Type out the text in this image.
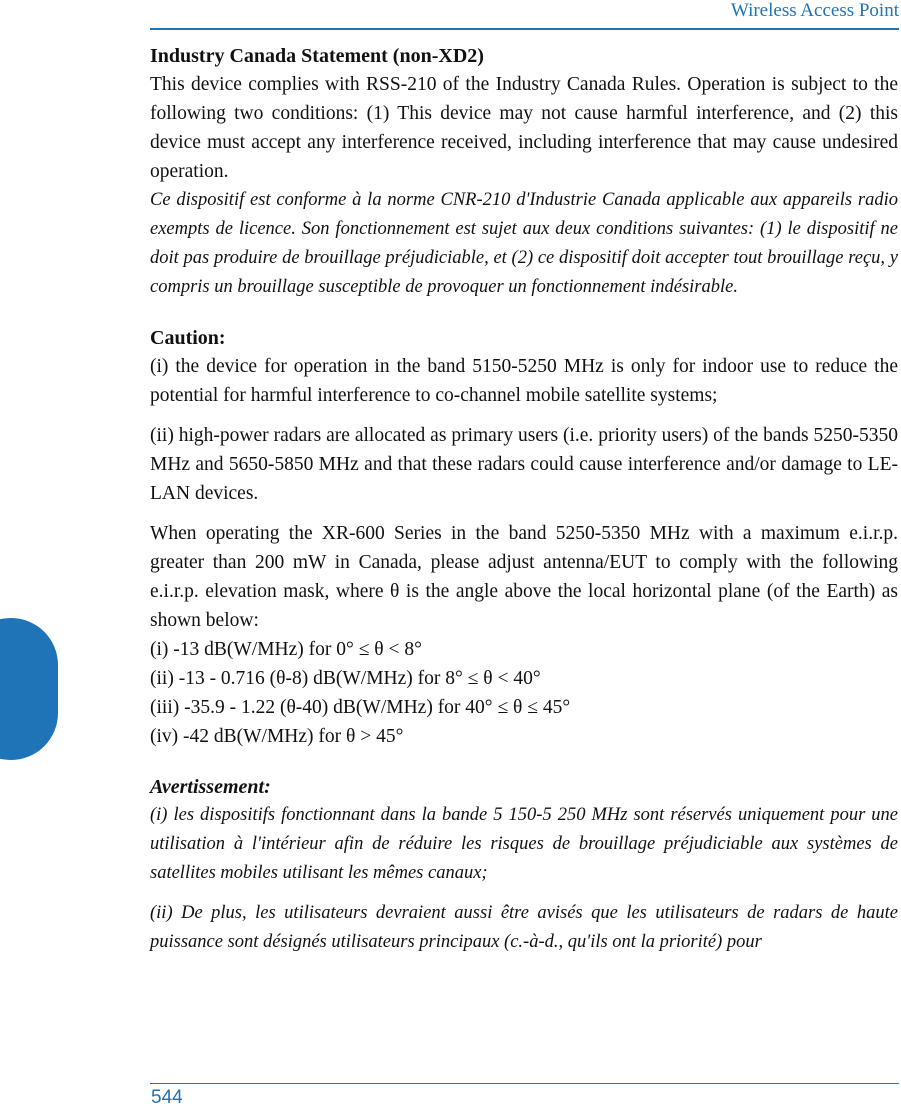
Wireless Access Point
Industry Canada Statement (non-XD2)

This device complies with RSS-210 of the Industry Canada Rules. Operation is subject to the following two conditions: (1) This device may not cause harmful interference, and (2) this device must accept any interference received, including interference that may cause undesired operation.

Ce dispositif est conforme à la norme CNR-210 d'Industrie Canada applicable aux appareils radio exempts de licence. Son fonctionnement est sujet aux deux conditions suivantes: (1) le dispositif ne doit pas produire de brouillage préjudiciable, et (2) ce dispositif doit accepter tout brouillage reçu, y compris un brouillage susceptible de provoquer un fonctionnement indésirable.

Caution:

(i) the device for operation in the band 5150-5250 MHz is only for indoor use to reduce the potential for harmful interference to co-channel mobile satellite systems;

(ii) high-power radars are allocated as primary users (i.e. priority users) of the bands 5250-5350 MHz and 5650-5850 MHz and that these radars could cause interference and/or damage to LE-LAN devices.

When operating the XR-600 Series in the band 5250-5350 MHz with a maximum e.i.r.p. greater than 200 mW in Canada, please adjust antenna/EUT to comply with the following e.i.r.p. elevation mask, where θ is the angle above the local horizontal plane (of the Earth) as shown below:

(i) -13 dB(W/MHz) for 0° ≤ θ < 8°

(ii) -13 - 0.716 (θ-8) dB(W/MHz) for 8° ≤ θ < 40°

(iii) -35.9 - 1.22 (θ-40) dB(W/MHz) for 40° ≤ θ ≤ 45°

(iv) -42 dB(W/MHz) for θ > 45°

Avertissement:

(i) les dispositifs fonctionnant dans la bande 5 150-5 250 MHz sont réservés uniquement pour une utilisation à l'intérieur afin de réduire les risques de brouillage préjudiciable aux systèmes de satellites mobiles utilisant les mêmes canaux;

(ii) De plus, les utilisateurs devraient aussi être avisés que les utilisateurs de radars de haute puissance sont désignés utilisateurs principaux (c.-à-d., qu'ils ont la priorité) pour

544
